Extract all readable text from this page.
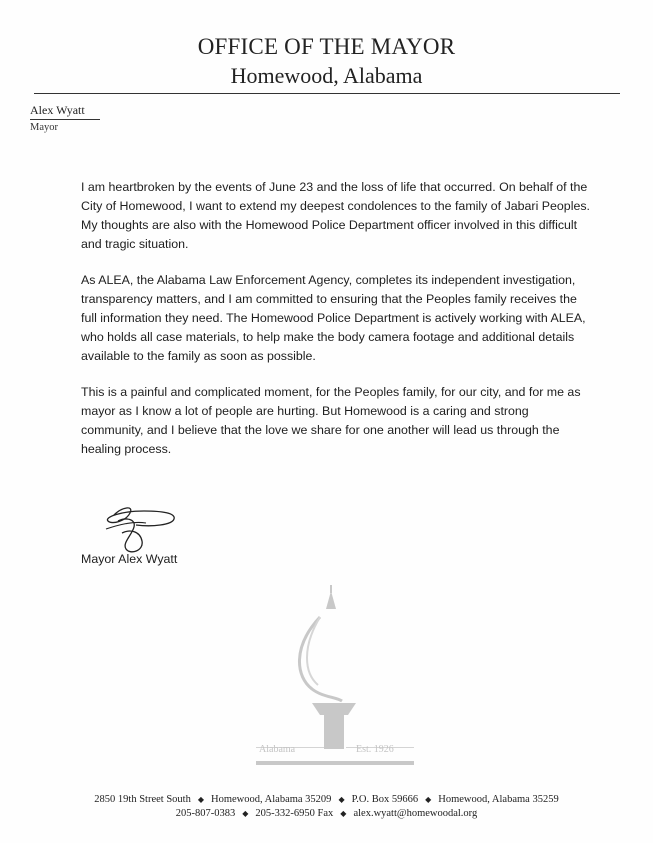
OFFICE OF THE MAYOR
Homewood, Alabama
Alex Wyatt
Mayor

I am heartbroken by the events of June 23 and the loss of life that occurred. On behalf of the City of Homewood, I want to extend my deepest condolences to the family of Jabari Peoples. My thoughts are also with the Homewood Police Department officer involved in this difficult and tragic situation.

As ALEA, the Alabama Law Enforcement Agency, completes its independent investigation, transparency matters, and I am committed to ensuring that the Peoples family receives the full information they need. The Homewood Police Department is actively working with ALEA, who holds all case materials, to help make the body camera footage and additional details available to the family as soon as possible.

This is a painful and complicated moment, for the Peoples family, for our city, and for me as mayor as I know a lot of people are hurting. But Homewood is a caring and strong community, and I believe that the love we share for one another will lead us through the healing process.

Mayor Alex Wyatt
Alabama	Est. 1926
2850 19th Street South ◆ Homewood, Alabama 35209 ◆ P.O. Box 59666 ◆ Homewood, Alabama 35259
205-807-0383 ◆ 205-332-6950 Fax ◆ alex.wyatt@homewoodal.org
